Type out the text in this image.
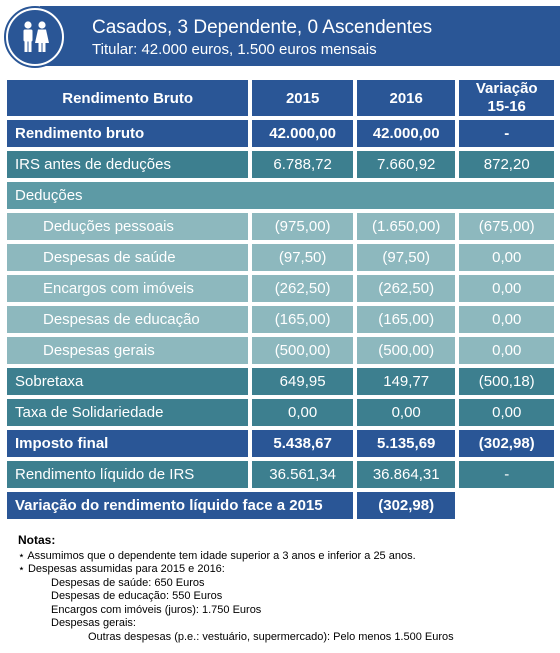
Casados, 3 Dependente, 0 Ascendentes
Titular: 42.000 euros, 1.500 euros mensais
Rendimento Bruto	2015	2016	Variação 15-16
Rendimento bruto	42.000,00	42.000,00	-
IRS antes de deduções	6.788,72	7.660,92	872,20
Deduções			
Deduções pessoais	(975,00)	(1.650,00)	(675,00)
Despesas de saúde	(97,50)	(97,50)	0,00
Encargos com imóveis	(262,50)	(262,50)	0,00
Despesas de educação	(165,00)	(165,00)	0,00
Despesas gerais	(500,00)	(500,00)	0,00
Sobretaxa	649,95	149,77	(500,18)
Taxa de Solidariedade	0,00	0,00	0,00
Imposto final	5.438,67	5.135,69	(302,98)
Rendimento líquido de IRS	36.561,34	36.864,31	-
Variação do rendimento líquido face a 2015		(302,98)	
Notas:
⋆ Assumimos que o dependente tem idade superior a 3 anos e inferior a 25 anos.
⋆ Despesas assumidas para 2015 e 2016:
Despesas de saúde: 650 Euros
Despesas de educação: 550 Euros
Encargos com imóveis (juros): 1.750 Euros
Despesas gerais:
Outras despesas (p.e.: vestuário, supermercado): Pelo menos 1.500 Euros
